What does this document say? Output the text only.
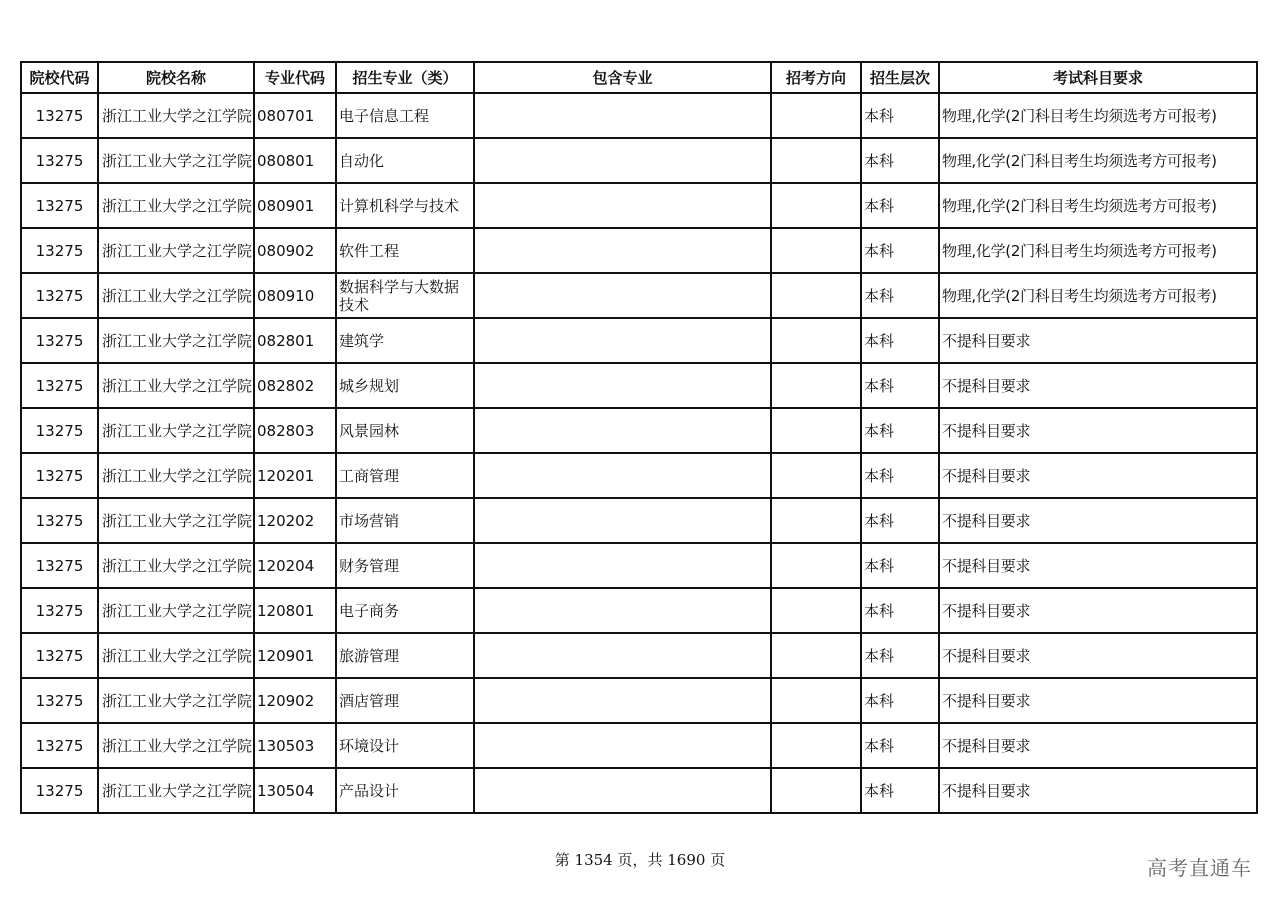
院校代码	院校名称	专业代码	招生专业（类）	包含专业	招考方向	招生层次	考试科目要求
13275	浙江工业大学之江学院	080701	电子信息工程			本科	物理,化学(2门科目考生均须选考方可报考)
13275	浙江工业大学之江学院	080801	自动化			本科	物理,化学(2门科目考生均须选考方可报考)
13275	浙江工业大学之江学院	080901	计算机科学与技术			本科	物理,化学(2门科目考生均须选考方可报考)
13275	浙江工业大学之江学院	080902	软件工程			本科	物理,化学(2门科目考生均须选考方可报考)
13275	浙江工业大学之江学院	080910	数据科学与大数据技术			本科	物理,化学(2门科目考生均须选考方可报考)
13275	浙江工业大学之江学院	082801	建筑学			本科	不提科目要求
13275	浙江工业大学之江学院	082802	城乡规划			本科	不提科目要求
13275	浙江工业大学之江学院	082803	风景园林			本科	不提科目要求
13275	浙江工业大学之江学院	120201	工商管理			本科	不提科目要求
13275	浙江工业大学之江学院	120202	市场营销			本科	不提科目要求
13275	浙江工业大学之江学院	120204	财务管理			本科	不提科目要求
13275	浙江工业大学之江学院	120801	电子商务			本科	不提科目要求
13275	浙江工业大学之江学院	120901	旅游管理			本科	不提科目要求
13275	浙江工业大学之江学院	120902	酒店管理			本科	不提科目要求
13275	浙江工业大学之江学院	130503	环境设计			本科	不提科目要求
13275	浙江工业大学之江学院	130504	产品设计			本科	不提科目要求
第 1354 页，共 1690 页	高考直通车
